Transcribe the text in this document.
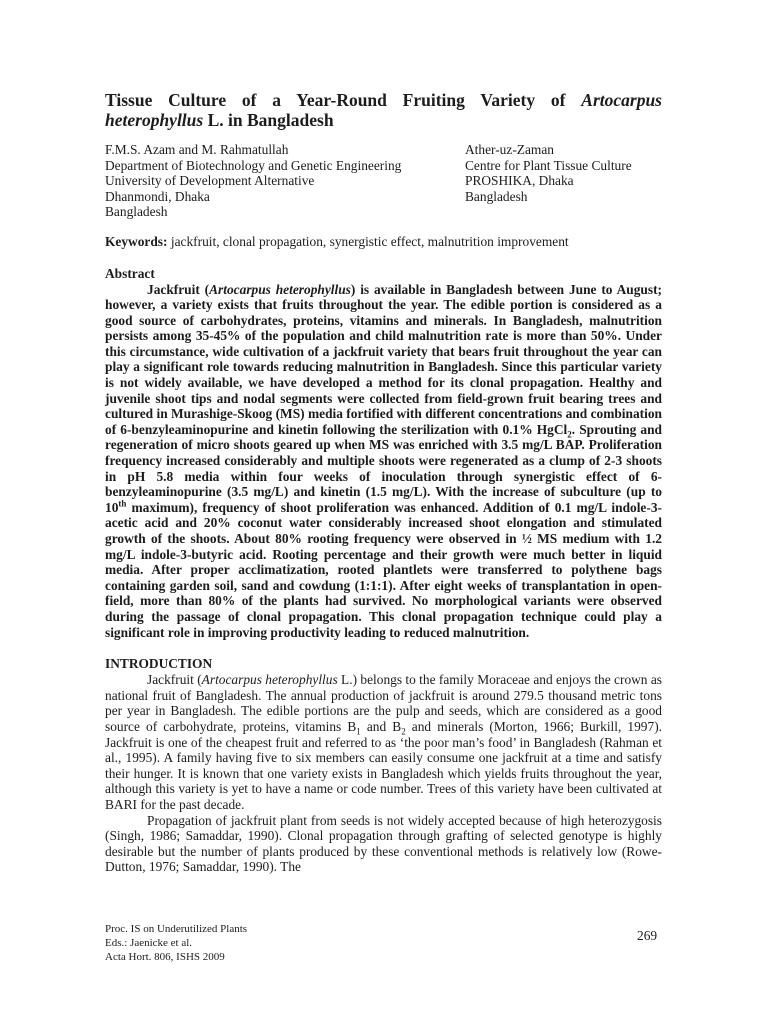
Tissue Culture of a Year-Round Fruiting Variety of Artocarpus heterophyllus L. in Bangladesh
F.M.S. Azam and M. Rahmatullah
Department of Biotechnology and Genetic Engineering
University of Development Alternative
Dhanmondi, Dhaka
Bangladesh
Ather-uz-Zaman
Centre for Plant Tissue Culture
PROSHIKA, Dhaka
Bangladesh
Keywords: jackfruit, clonal propagation, synergistic effect, malnutrition improvement
Abstract

Jackfruit (Artocarpus heterophyllus) is available in Bangladesh between June to August; however, a variety exists that fruits throughout the year. The edible portion is considered as a good source of carbohydrates, proteins, vitamins and minerals. In Bangladesh, malnutrition persists among 35-45% of the population and child malnutrition rate is more than 50%. Under this circumstance, wide cultivation of a jackfruit variety that bears fruit throughout the year can play a significant role towards reducing malnutrition in Bangladesh. Since this particular variety is not widely available, we have developed a method for its clonal propagation. Healthy and juvenile shoot tips and nodal segments were collected from field-grown fruit bearing trees and cultured in Murashige-Skoog (MS) media fortified with different concentrations and combination of 6-benzyleaminopurine and kinetin following the sterilization with 0.1% HgCl$_2$. Sprouting and regeneration of micro shoots geared up when MS was enriched with 3.5 mg/L BAP. Proliferation frequency increased considerably and multiple shoots were regenerated as a clump of 2-3 shoots in pH 5.8 media within four weeks of inoculation through synergistic effect of 6-benzyleaminopurine (3.5 mg/L) and kinetin (1.5 mg/L). With the increase of subculture (up to 10th maximum), frequency of shoot proliferation was enhanced. Addition of 0.1 mg/L indole-3-acetic acid and 20% coconut water considerably increased shoot elongation and stimulated growth of the shoots. About 80% rooting frequency were observed in ½ MS medium with 1.2 mg/L indole-3-butyric acid. Rooting percentage and their growth were much better in liquid media. After proper acclimatization, rooted plantlets were transferred to polythene bags containing garden soil, sand and cowdung (1:1:1). After eight weeks of transplantation in open-field, more than 80% of the plants had survived. No morphological variants were observed during the passage of clonal propagation. This clonal propagation technique could play a significant role in improving productivity leading to reduced malnutrition.

INTRODUCTION

Jackfruit (Artocarpus heterophyllus L.) belongs to the family Moraceae and enjoys the crown as national fruit of Bangladesh. The annual production of jackfruit is around 279.5 thousand metric tons per year in Bangladesh. The edible portions are the pulp and seeds, which are considered as a good source of carbohydrate, proteins, vitamins $B_1$ and $B_2$ and minerals (Morton, 1966; Burkill, 1997). Jackfruit is one of the cheapest fruit and referred to as ‘the poor man’s food’ in Bangladesh (Rahman et al., 1995). A family having five to six members can easily consume one jackfruit at a time and satisfy their hunger. It is known that one variety exists in Bangladesh which yields fruits throughout the year, although this variety is yet to have a name or code number. Trees of this variety have been cultivated at BARI for the past decade.

Propagation of jackfruit plant from seeds is not widely accepted because of high heterozygosis (Singh, 1986; Samaddar, 1990). Clonal propagation through grafting of selected genotype is highly desirable but the number of plants produced by these conventional methods is relatively low (Rowe-Dutton, 1976; Samaddar, 1990). The

Proc. IS on Underutilized Plants
Eds.: Jaenicke et al.
Acta Hort. 806, ISHS 2009
269
